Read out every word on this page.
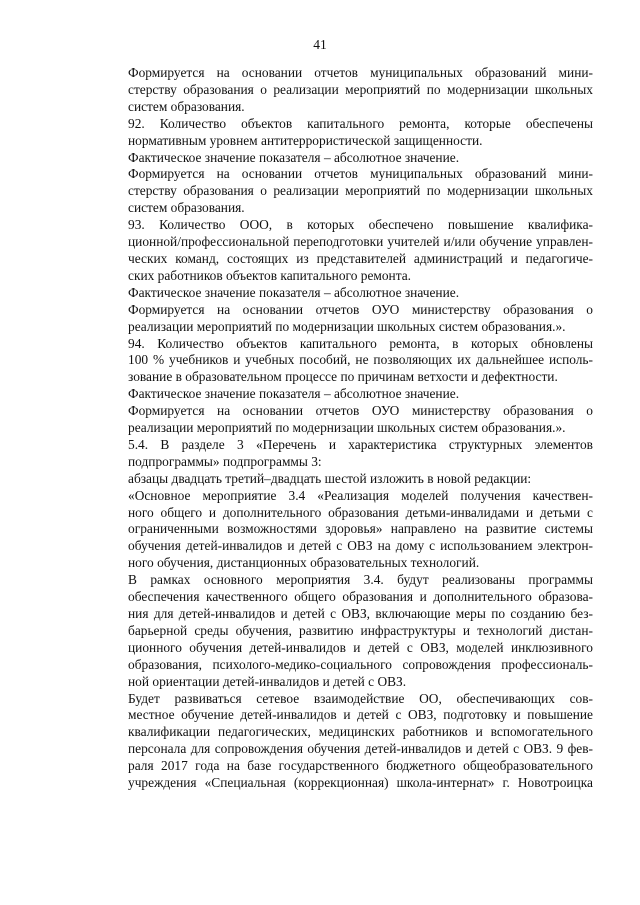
41

Формируется на основании отчетов муниципальных образований мини-
стерству образования о реализации мероприятий по модернизации школьных
систем образования.

92. Количество объектов капитального ремонта, которые обеспечены
нормативным уровнем антитеррористической защищенности.

Фактическое значение показателя – абсолютное значение.

Формируется на основании отчетов муниципальных образований мини-
стерству образования о реализации мероприятий по модернизации школьных
систем образования.

93. Количество ООО, в которых обеспечено повышение квалифика-
ционной/профессиональной переподготовки учителей и/или обучение управлен-
ческих команд, состоящих из представителей администраций и педагогиче-
ских работников объектов капитального ремонта.

Фактическое значение показателя – абсолютное значение.

Формируется на основании отчетов ОУО министерству образования о
реализации мероприятий по модернизации школьных систем образования.».

94. Количество объектов капитального ремонта, в которых обновлены
100 % учебников и учебных пособий, не позволяющих их дальнейшее исполь-
зование в образовательном процессе по причинам ветхости и дефектности.

Фактическое значение показателя – абсолютное значение.

Формируется на основании отчетов ОУО министерству образования о
реализации мероприятий по модернизации школьных систем образования.».

5.4. В разделе 3 «Перечень и характеристика структурных элементов
подпрограммы» подпрограммы 3:

абзацы двадцать третий–двадцать шестой изложить в новой редакции:

«Основное мероприятие 3.4 «Реализация моделей получения качествен-
ного общего и дополнительного образования детьми-инвалидами и детьми с
ограниченными возможностями здоровья» направлено на развитие системы
обучения детей-инвалидов и детей с ОВЗ на дому с использованием электрон-
ного обучения, дистанционных образовательных технологий.

В рамках основного мероприятия 3.4. будут реализованы программы
обеспечения качественного общего образования и дополнительного образова-
ния для детей-инвалидов и детей с ОВЗ, включающие меры по созданию без-
барьерной среды обучения, развитию инфраструктуры и технологий дистан-
ционного обучения детей-инвалидов и детей с ОВЗ, моделей инклюзивного
образования, психолого-медико-социального сопровождения профессиональ-
ной ориентации детей-инвалидов и детей с ОВЗ.

Будет развиваться сетевое взаимодействие ОО, обеспечивающих сов-
местное обучение детей-инвалидов и детей с ОВЗ, подготовку и повышение
квалификации педагогических, медицинских работников и вспомогательного
персонала для сопровождения обучения детей-инвалидов и детей с ОВЗ. 9 фев-
раля 2017 года на базе государственного бюджетного общеобразовательного
учреждения «Специальная (коррекционная) школа-интернат» г. Новотроицка
